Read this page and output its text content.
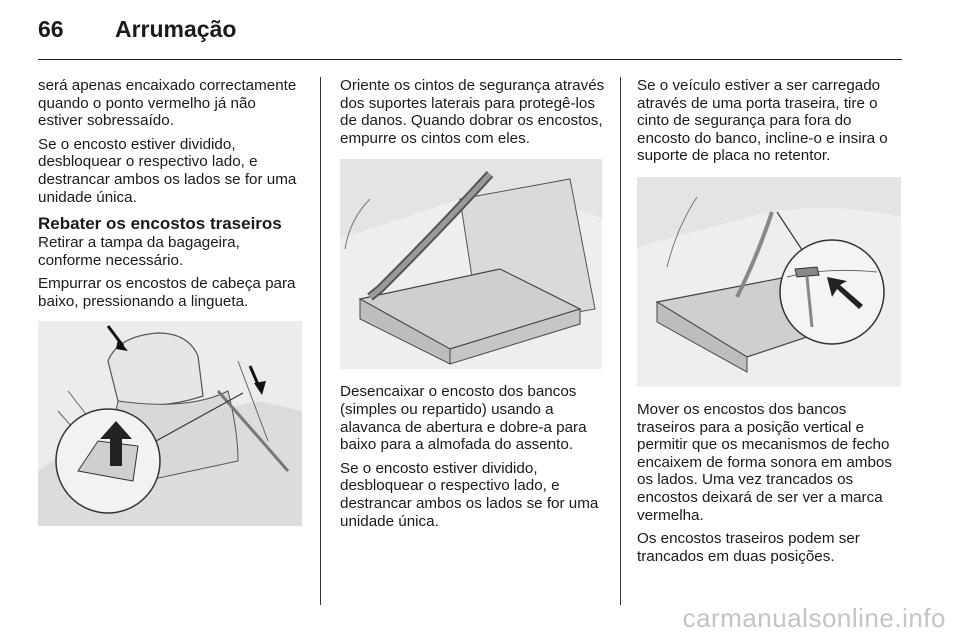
66 Arrumação

será apenas encaixado correctamente quando o ponto vermelho já não estiver sobressaído.

Se o encosto estiver dividido, desbloquear o respectivo lado, e destrancar ambos os lados se for uma unidade única.

Rebater os encostos traseiros

Retirar a tampa da bagageira, conforme necessário.

Empurrar os encostos de cabeça para baixo, pressionando a lingueta.

Oriente os cintos de segurança através dos suportes laterais para protegê-los de danos. Quando dobrar os encostos, empurre os cintos com eles.

Desencaixar o encosto dos bancos (simples ou repartido) usando a alavanca de abertura e dobre-a para baixo para a almofada do assento.

Se o encosto estiver dividido, desbloquear o respectivo lado, e destrancar ambos os lados se for uma unidade única.

Se o veículo estiver a ser carregado através de uma porta traseira, tire o cinto de segurança para fora do encosto do banco, incline-o e insira o suporte de placa no retentor.

Mover os encostos dos bancos traseiros para a posição vertical e permitir que os mecanismos de fecho encaixem de forma sonora em ambos os lados. Uma vez trancados os encostos deixará de ser ver a marca vermelha.

Os encostos traseiros podem ser trancados em duas posições.

carmanualsonline.info
